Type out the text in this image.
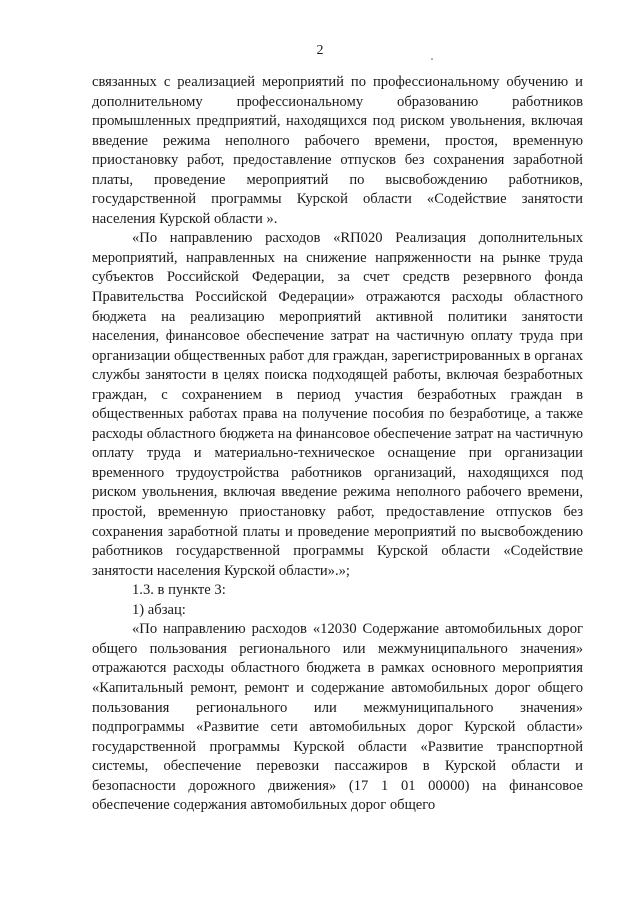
2

связанных с реализацией мероприятий по профессиональному обучению и дополнительному профессиональному образованию работников промышленных предприятий, находящихся под риском увольнения, включая введение режима неполного рабочего времени, простоя, временную приостановку работ, предоставление отпусков без сохранения заработной платы, проведение мероприятий по высвобождению работников, государственной программы Курской области «Содействие занятости населения Курской области ».

«По направлению расходов «RП020 Реализация дополнительных мероприятий, направленных на снижение напряженности на рынке труда субъектов Российской Федерации, за счет средств резервного фонда Правительства Российской Федерации» отражаются расходы областного бюджета на реализацию мероприятий активной политики занятости населения, финансовое обеспечение затрат на частичную оплату труда при организации общественных работ для граждан, зарегистрированных в органах службы занятости в целях поиска подходящей работы, включая безработных граждан, с сохранением в период участия безработных граждан в общественных работах права на получение пособия по безработице, а также расходы областного бюджета на финансовое обеспечение затрат на частичную оплату труда и материально-техническое оснащение при организации временного трудоустройства работников организаций, находящихся под риском увольнения, включая введение режима неполного рабочего времени, простой, временную приостановку работ, предоставление отпусков без сохранения заработной платы и проведение мероприятий по высвобождению работников государственной программы Курской области «Содействие занятости населения Курской области».»;

1.3. в пункте 3:

1) абзац:

«По направлению расходов «12030 Содержание автомобильных дорог общего пользования регионального или межмуниципального значения» отражаются расходы областного бюджета в рамках основного мероприятия «Капитальный ремонт, ремонт и содержание автомобильных дорог общего пользования регионального или межмуниципального значения» подпрограммы «Развитие сети автомобильных дорог Курской области» государственной программы Курской области «Развитие транспортной системы, обеспечение перевозки пассажиров в Курской области и безопасности дорожного движения» (17 1 01 00000) на финансовое обеспечение содержания автомобильных дорог общего
